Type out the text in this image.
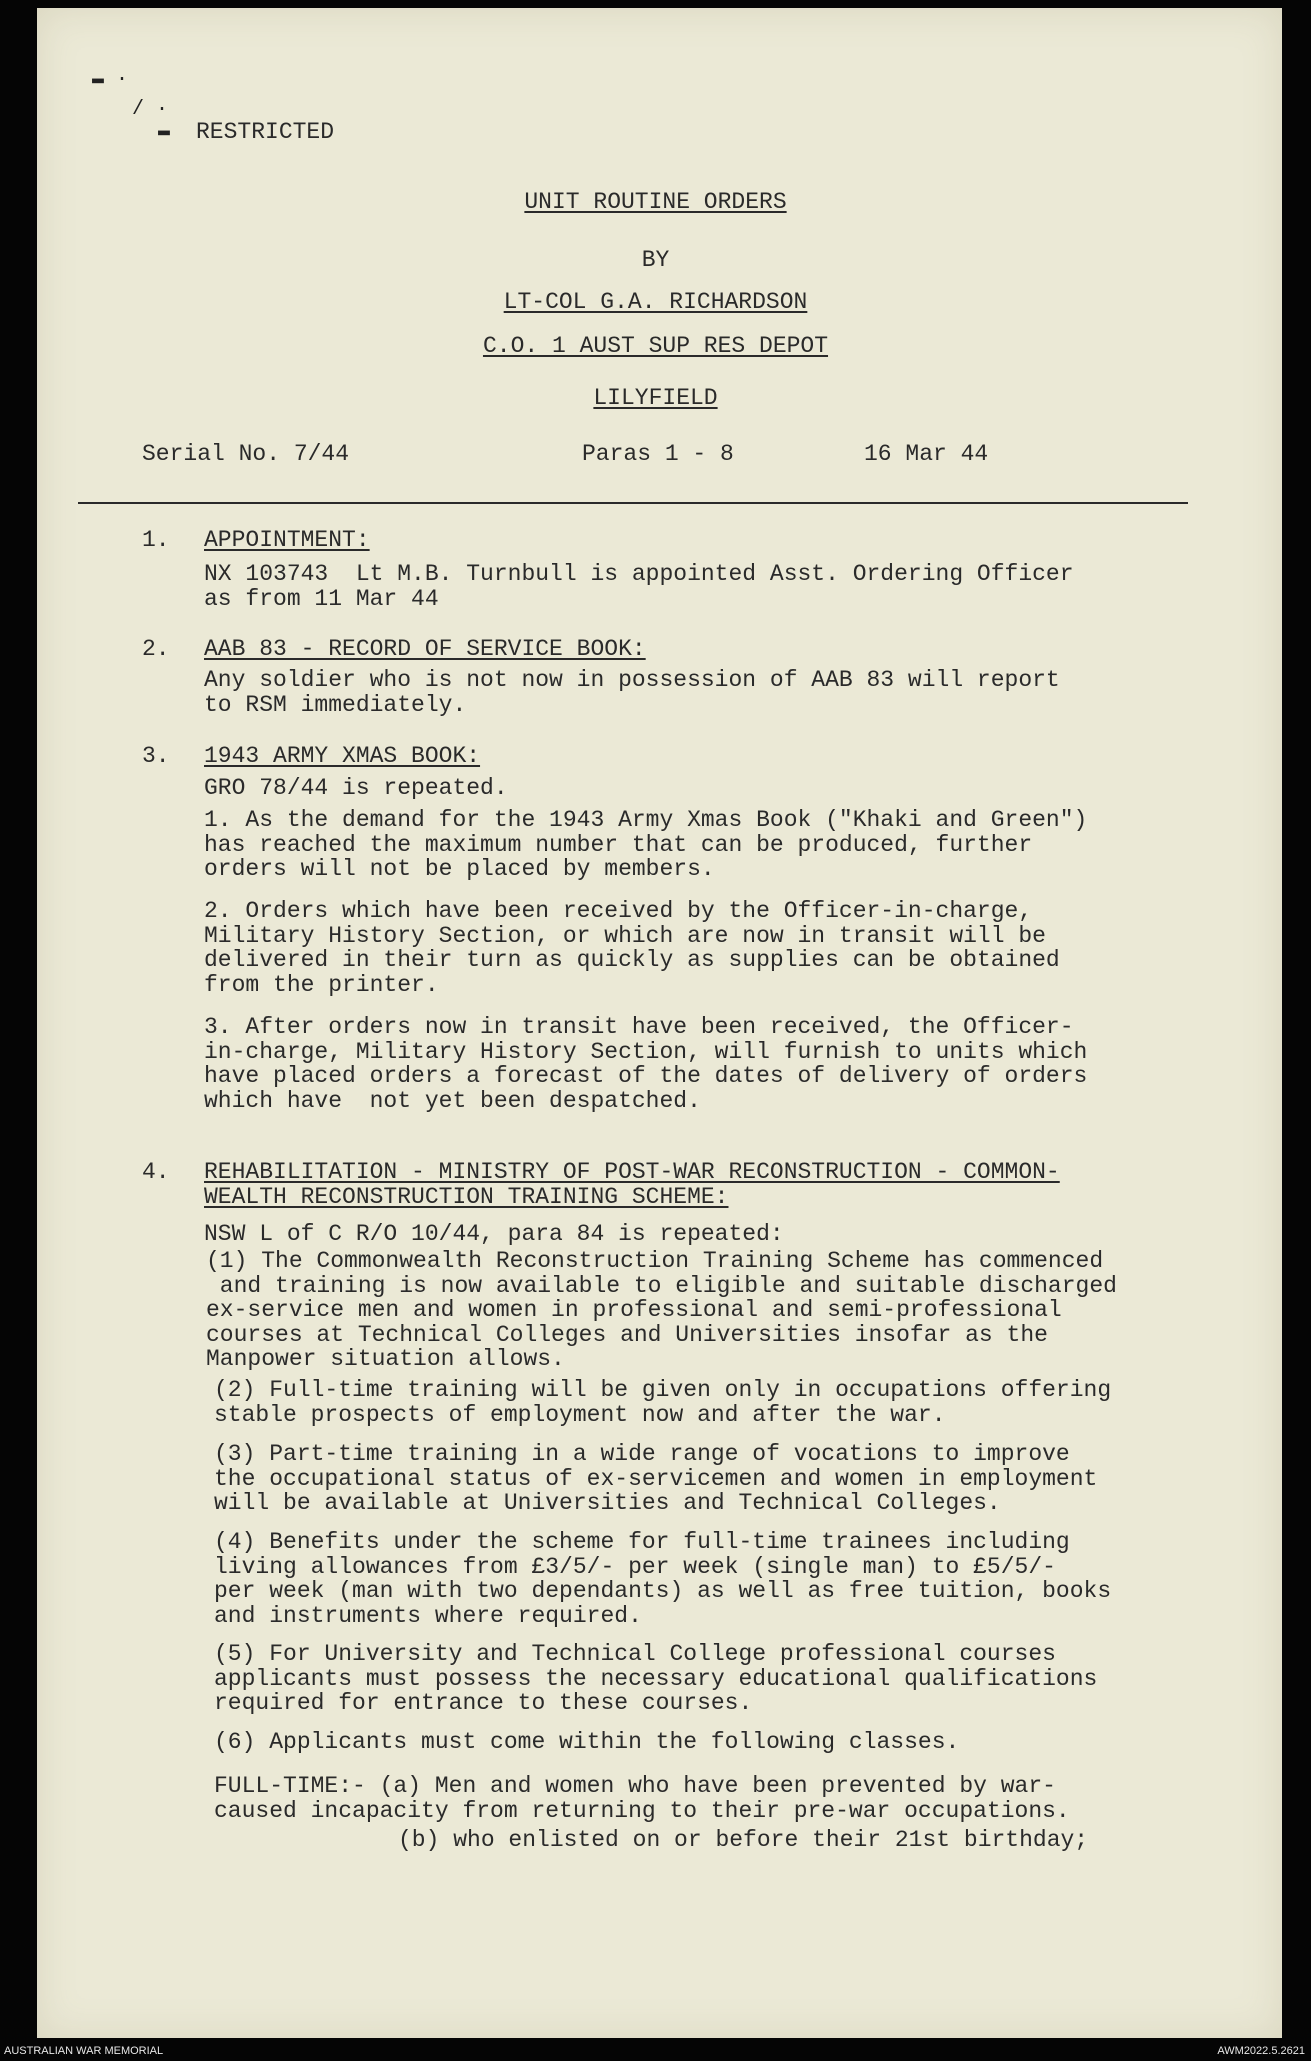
▬ ·
/ ·
▬ RESTRICTED
UNIT ROUTINE ORDERS
BY
LT-COL G.A. RICHARDSON
C.O. 1 AUST SUP RES DEPOT
LILYFIELD
Serial No. 7/44	Paras 1 - 8	16 Mar 44
1. APPOINTMENT:
NX 103743  Lt M.B. Turnbull is appointed Asst. Ordering Officer
as from 11 Mar 44
2. AAB 83 - RECORD OF SERVICE BOOK:
Any soldier who is not now in possession of AAB 83 will report
to RSM immediately.
3. 1943 ARMY XMAS BOOK:
GRO 78/44 is repeated.
1. As the demand for the 1943 Army Xmas Book ("Khaki and Green")
has reached the maximum number that can be produced, further
orders will not be placed by members.
2. Orders which have been received by the Officer-in-charge,
Military History Section, or which are now in transit will be
delivered in their turn as quickly as supplies can be obtained
from the printer.
3. After orders now in transit have been received, the Officer-
in-charge, Military History Section, will furnish to units which
have placed orders a forecast of the dates of delivery of orders
which have  not yet been despatched.
4. REHABILITATION - MINISTRY OF POST-WAR RECONSTRUCTION - COMMON-
WEALTH RECONSTRUCTION TRAINING SCHEME:
NSW L of C R/O 10/44, para 84 is repeated:
(1) The Commonwealth Reconstruction Training Scheme has commenced
and training is now available to eligible and suitable discharged
ex-service men and women in professional and semi-professional
courses at Technical Colleges and Universities insofar as the
Manpower situation allows.
(2) Full-time training will be given only in occupations offering
stable prospects of employment now and after the war.
(3) Part-time training in a wide range of vocations to improve
the occupational status of ex-servicemen and women in employment
will be available at Universities and Technical Colleges.
(4) Benefits under the scheme for full-time trainees including
living allowances from £3/5/- per week (single man) to £5/5/-
per week (man with two dependants) as well as free tuition, books
and instruments where required.
(5) For University and Technical College professional courses
applicants must possess the necessary educational qualifications
required for entrance to these courses.
(6) Applicants must come within the following classes.
FULL-TIME:- (a) Men and women who have been prevented by war-
caused incapacity from returning to their pre-war occupations.
(b) who enlisted on or before their 21st birthday;
AUSTRALIAN WAR MEMORIAL	AWM2022.5.2621
